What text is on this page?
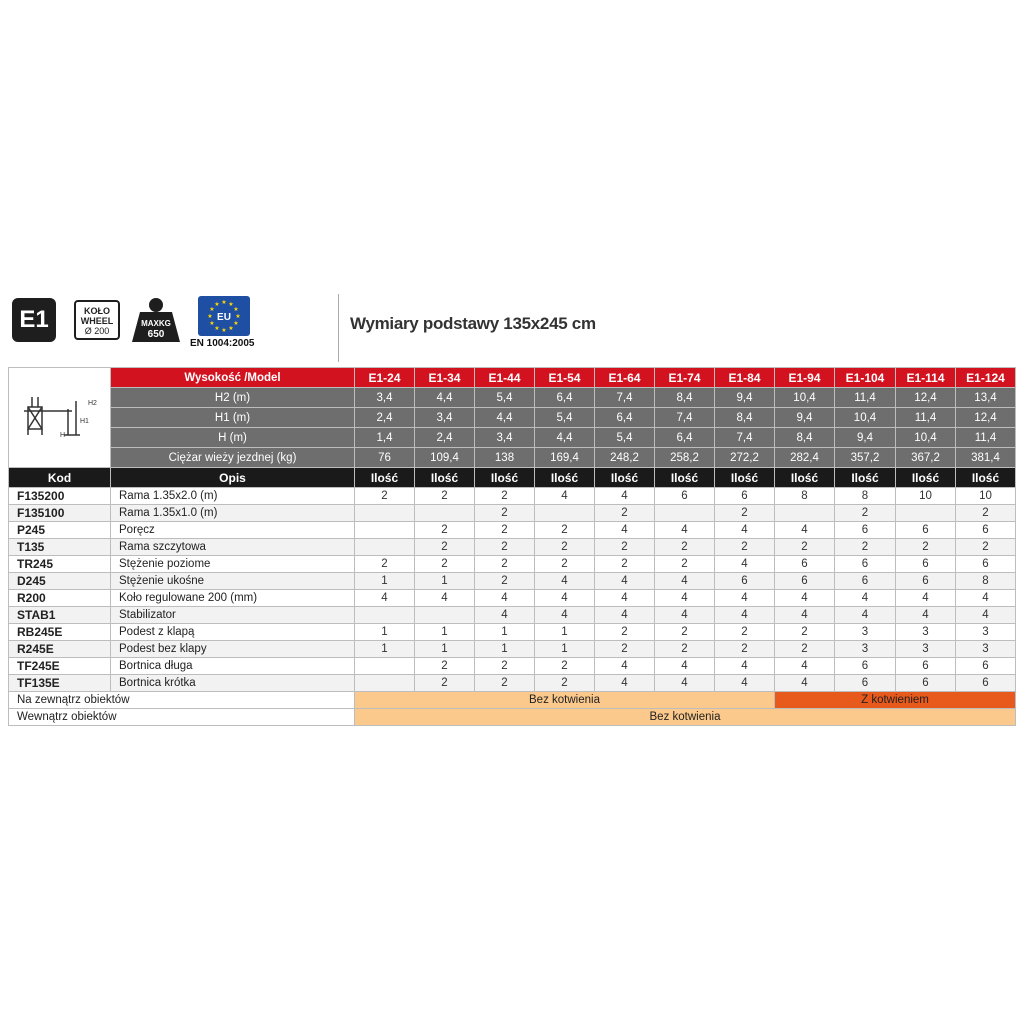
E1	KOŁO
WHEEL
Ø 200
MAXKG
650
★ ★
★
★
★
★
★
★
★
★
★
★
EU
EN 1004:2005
Wymiary podstawy 135x245 cm
H2
H1
H	Wysokość /Model	E1-24	E1-34	E1-44	E1-54	E1-64	E1-74	E1-84	E1-94	E1-104	E1-114	E1-124
	H2 (m)	3,4	4,4	5,4	6,4	7,4	8,4	9,4	10,4	11,4	12,4	13,4
	H1 (m)	2,4	3,4	4,4	5,4	6,4	7,4	8,4	9,4	10,4	11,4	12,4
	H (m)	1,4	2,4	3,4	4,4	5,4	6,4	7,4	8,4	9,4	10,4	11,4
	Ciężar wieży jezdnej (kg)	76	109,4	138	169,4	248,2	258,2	272,2	282,4	357,2	367,2	381,4
Kod	Opis	Ilość	Ilość	Ilość	Ilość	Ilość	Ilość	Ilość	Ilość	Ilość	Ilość	Ilość
F135200	Rama 1.35x2.0 (m)	2	2	2	4	4	6	6	8	8	10	10
F135100	Rama 1.35x1.0 (m)			2		2		2		2		2
P245	Poręcz		2	2	2	4	4	4	4	6	6	6
T135	Rama szczytowa		2	2	2	2	2	2	2	2	2	2
TR245	Stężenie poziome	2	2	2	2	2	2	4	6	6	6	6
D245	Stężenie ukośne	1	1	2	4	4	4	6	6	6	6	8
R200	Koło regulowane 200 (mm)	4	4	4	4	4	4	4	4	4	4	4
STAB1	Stabilizator			4	4	4	4	4	4	4	4	4
RB245E	Podest z klapą	1	1	1	1	2	2	2	2	3	3	3
R245E	Podest bez klapy	1	1	1	1	2	2	2	2	3	3	3
TF245E	Bortnica długa		2	2	2	4	4	4	4	6	6	6
TF135E	Bortnica krótka		2	2	2	4	4	4	4	6	6	6
Na zewnątrz obiektów		Bez kotwienia							Z kotwieniem			
Wewnątrz obiektów		Bez kotwienia										
